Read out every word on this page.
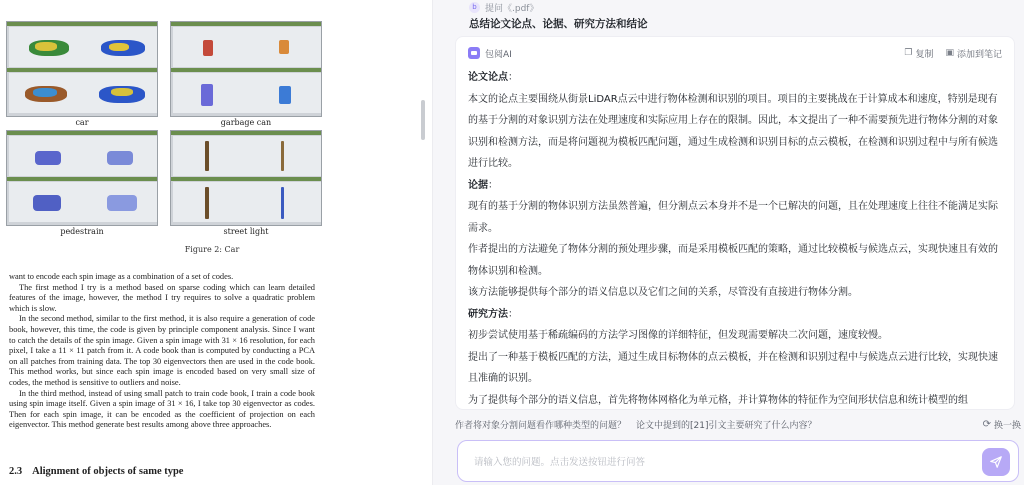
car	garbage can
pedestrain	street light
Figure 2: Car

want to encode each spin image as a combination of a set of codes.

The first method I try is a method based on sparse coding which can learn detailed features of the image, however, the method I try requires to solve a quadratic problem which is slow.

In the second method, similar to the first method, it is also require a generation of code book, however, this time, the code is given by principle component analysis. Since I want to catch the details of the spin image. Given a spin image with 31 × 16 resolution, for each pixel, I take a 11 × 11 patch from it. A code book than is computed by conducting a PCA on all patches from training data. The top 30 eigenvectors then are used in the code book. This method works, but since each spin image is encoded based on very small size of codes, the method is sensitive to outliers and noise.

In the third method, instead of using small patch to train code book, I train a code book using spin image itself. Given a spin image of 31 × 16, I take top 30 eigenvector as codes. Then for each spin image, it can be encoded as the coefficient of projection on each eigenvector. This method generate best results among above three approaches.

2.3 Alignment of objects of same type
b 提问《.pdf》
总结论文论点、论据、研究方法和结论
包阅AI	❐ 复制 ▣ 添加到笔记
论文论点：
本文的论点主要围绕从街景LiDAR点云中进行物体检测和识别的项目。项目的主要挑战在于计算成本和速度，特别是现有的基于分割的对象识别方法在处理速度和实际应用上存在的限制。因此，本文提出了一种不需要预先进行物体分割的对象识别和检测方法，而是将问题视为模板匹配问题，通过生成检测和识别目标的点云模板，在检测和识别过程中与所有候选进行比较。
论据：
现有的基于分割的物体识别方法虽然普遍，但分割点云本身并不是一个已解决的问题，且在处理速度上往往不能满足实际需求。
作者提出的方法避免了物体分割的预处理步骤，而是采用模板匹配的策略，通过比较模板与候选点云，实现快速且有效的物体识别和检测。
该方法能够提供每个部分的语义信息以及它们之间的关系，尽管没有直接进行物体分割。
研究方法：
初步尝试使用基于稀疏编码的方法学习图像的详细特征，但发现需要解决二次问题，速度较慢。
提出了一种基于模板匹配的方法，通过生成目标物体的点云模板，并在检测和识别过程中与候选点云进行比较，实现快速且准确的识别。
为了提供每个部分的语义信息，首先将物体网格化为单元格，并计算物体的特征作为空间形状信息和统计模型的组
作者将对象分割问题看作哪种类型的问题？ 论文中提到的[21]引文主要研究了什么内容？	⟳ 换一换
请输入您的问题。点击发送按钮进行问答
